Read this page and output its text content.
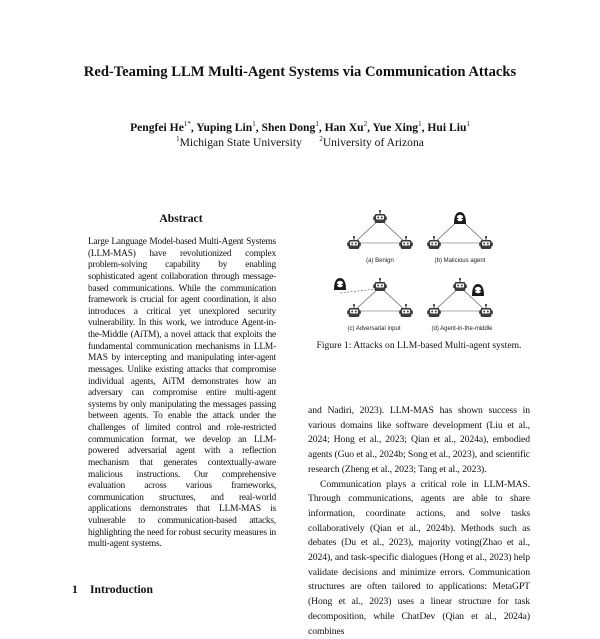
Red-Teaming LLM Multi-Agent Systems via Communication Attacks
Pengfei $He^{1*}$, Yuping Lin$^1$, Shen Dong$^1$, Han Xu$^2$, Yue Xing$^1$, Hui Liu$^1$
$^1$Michigan State University $^2$University of Arizona
Abstract
Large Language Model-based Multi-Agent Systems (LLM-MAS) have revolutionized complex problem-solving capability by enabling sophisticated agent collaboration through message-based communications. While the communication framework is crucial for agent coordination, it also introduces a critical yet unexplored security vulnerability. In this work, we introduce Agent-in-the-Middle (AiTM), a novel attack that exploits the fundamental communication mechanisms in LLM-MAS by intercepting and manipulating inter-agent messages. Unlike existing attacks that compromise individual agents, AiTM demonstrates how an adversary can compromise entire multi-agent systems by only manipulating the messages passing between agents. To enable the attack under the challenges of limited control and role-restricted communication format, we develop an LLM-powered adversarial agent with a reflection mechanism that generates contextually-aware malicious instructions. Our comprehensive evaluation across various frameworks, communication structures, and real-world applications demonstrates that LLM-MAS is vulnerable to communication-based attacks, highlighting the need for robust security measures in multi-agent systems.
1 Introduction
(a) Benign	(b) Malicious agent
(c) Adversarial input	(d) Agent-in-the-middle
Figure 1: Attacks on LLM-based Multi-agent system.

and Nadiri, 2023). LLM-MAS has shown success in various domains like software development (Liu et al., 2024; Hong et al., 2023; Qian et al., 2024a), embodied agents (Guo et al., 2024b; Song et al., 2023), and scientific research (Zheng et al., 2023; Tang et al., 2023).

Communication plays a critical role in LLM-MAS. Through communications, agents are able to share information, coordinate actions, and solve tasks collaboratively (Qian et al., 2024b). Methods such as debates (Du et al., 2023), majority voting(Zhao et al., 2024), and task-specific dialogues (Hong et al., 2023) help validate decisions and minimize errors. Communication structures are often tailored to applications: MetaGPT (Hong et al., 2023) uses a linear structure for task decomposition, while ChatDev (Qian et al., 2024a) combines
